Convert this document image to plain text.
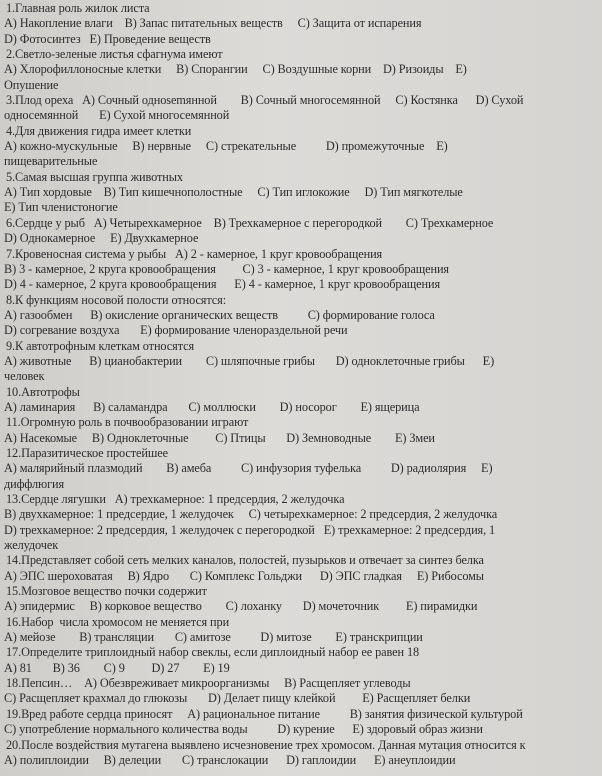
1.Главная роль жилок листа
A) Накопление влаги    B) Запас питательных веществ     C) Защита от испарения
D) Фотосинтез   E) Проведение веществ
2.Светло-зеленые листья сфагнума имеют
A) Хлорофиллоносные клетки     B) Спорангии     C) Воздушные корни    D) Ризоиды    E)
Опушение
3.Плод ореха   A) Сочный однosemянной        B) Сочный многосемянной     C) Костянка      D) Сухой
односемянной       E) Сухой многосемянной
4.Для движения гидра имеет клетки
A) кожно-мускульные     B) нервные     C) стрекательные          D) промежуточные    E)
пищеварительные
5.Самая высшая группа животных
A) Тип хордовые    B) Тип кишечнополостные     C) Тип иглокожие     D) Тип мягкотелые
E) Тип членистоногие
6.Сердце у рыб   A) Четырехкамерное    B) Трехкамерное с перегородкой        C) Трехкамерное
D) Однокамерное     E) Двухкамерное
7.Кровеносная система у рыбы   A) 2 - камерное, 1 круг кровообращения
B) 3 - камерное, 2 круга кровообращения         C) 3 - камерное, 1 круг кровообращения
D) 4 - камерное, 2 круга кровообращения      E) 4 - камерное, 1 круг кровообращения
8.К функциям носовой полости относятся:
A) газообмен      B) окисление органических веществ          C) формирование голоса
D) согревание воздуха       E) формирование членораздельной речи
9.К автотрофным клеткам относятся
A) животные      B) цианобактерии        C) шляпочные грибы       D) одноклеточные грибы      E)
человек
10.Автотрофы
A) ламинария      B) саламандра       C) моллюски        D) носорог        E) ящерица
11.Огромную роль в почвообразовании играют
A) Насекомые     B) Одноклеточные         C) Птицы       D) Земноводные        E) Змеи
12.Паразитическое простейшее
A) малярийный плазмодий        B) амеба          C) инфузория туфелька          D) радиолярия     E)
диффлюгия
13.Сердце лягушки   A) трехкамерное: 1 предсердия, 2 желудочка
B) двухкамерное: 1 предсердие, 1 желудочек     C) четырехкамерное: 2 предсердия, 2 желудочка
D) трехкамерное: 2 предсердия, 1 желудочек с перегородкой   E) трехкамерное: 2 предсердия, 1
желудочек
14.Представляет собой сеть мелких каналов, полостей, пузырьков и отвечает за синтез белка
A) ЭПС шероховатая     B) Ядро       C) Комплекс Гольджи      D) ЭПС гладкая     E) Рибосомы
15.Мозговое вещество почки содержит
A) эпидермис     B) корковое вещество        C) лоханку       D) мочеточник         E) пирамидки
16.Набор  числа хромосом не меняется при
A) мейозе        B) трансляции       C) амитозе          D) митозе        E) транскрипции
17.Определите триплоидный набор свеклы, если диплоидный набор ее равен 18
A) 81       B) 36        C) 9         D) 27        E) 19
18.Пепсин…    A) Обезвреживает микроорганизмы     B) Расщепляет углеводы
C) Расщепляет крахмал до глюкозы       D) Делает пищу клейкой         E) Расщепляет белки
19.Вред работе сердца приносят     A) рациональное питание          B) занятия физической культурой
C) употребление нормального количества воды          D) курение      E) здоровый образ жизни
20.После воздействия мутагена выявлено исчезновение трех хромосом. Данная мутация относится к
A) полиплоидии     B) делеции       C) транслокации      D) гаплоидии      E) анеуплоидии
